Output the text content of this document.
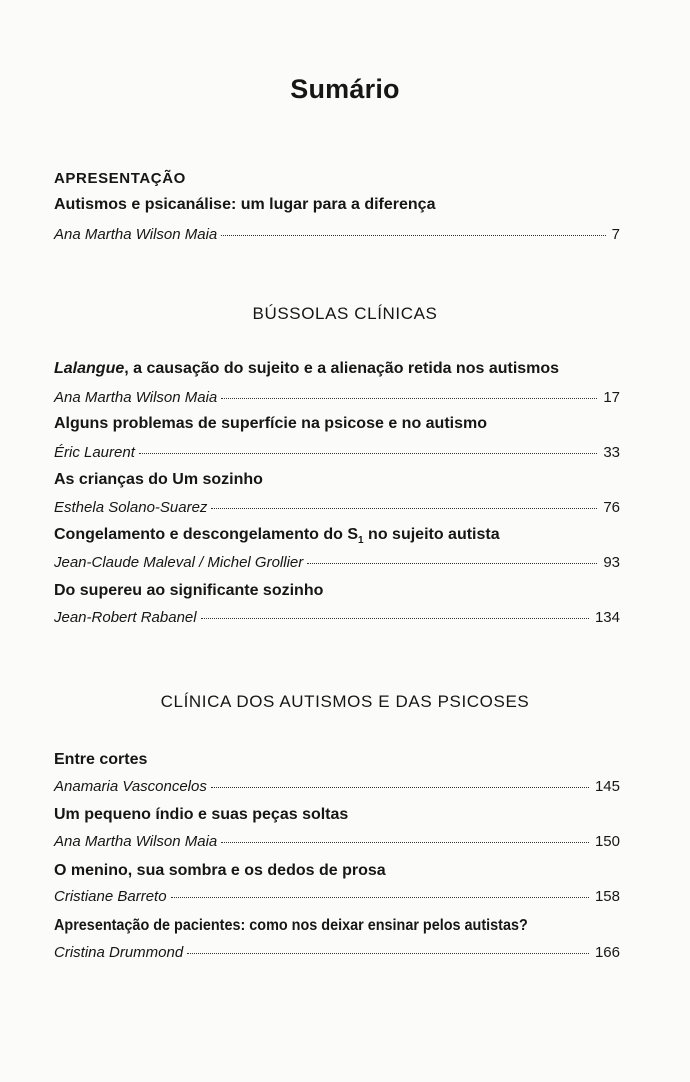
Sumário
APRESENTAÇÃO
Autismos e psicanálise: um lugar para a diferença
Ana Martha Wilson Maia	7
BÚSSOLAS CLÍNICAS
Lalangue, a causação do sujeito e a alienação retida nos autismos
Ana Martha Wilson Maia	17
Alguns problemas de superfície na psicose e no autismo
Éric Laurent	33
As crianças do Um sozinho
Esthela Solano-Suarez	76
Congelamento e descongelamento do $S_1$ no sujeito autista
Jean-Claude Maleval / Michel Grollier	93
Do supereu ao significante sozinho
Jean-Robert Rabanel	134
CLÍNICA DOS AUTISMOS E DAS PSICOSES
Entre cortes
Anamaria Vasconcelos	145
Um pequeno índio e suas peças soltas
Ana Martha Wilson Maia	150
O menino, sua sombra e os dedos de prosa
Cristiane Barreto	158
Apresentação de pacientes: como nos deixar ensinar pelos autistas?
Cristina Drummond	166
